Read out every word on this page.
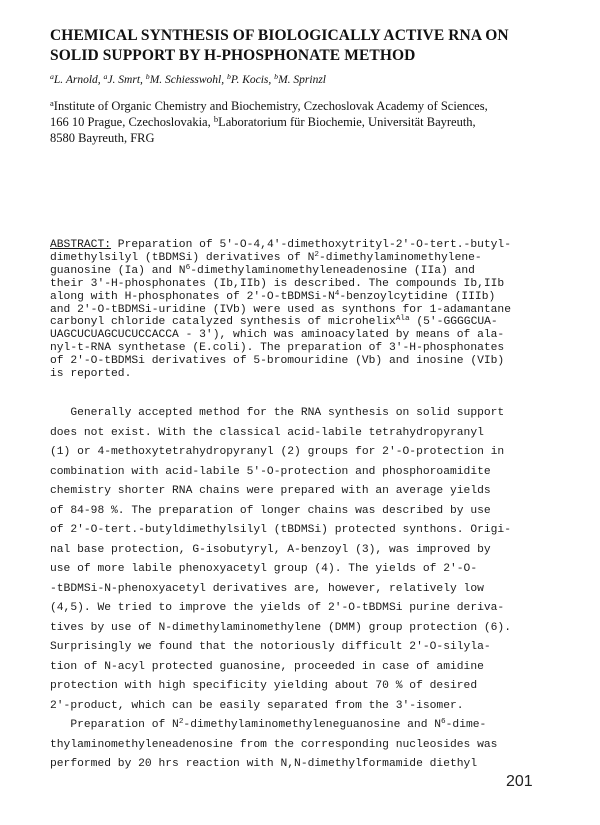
CHEMICAL SYNTHESIS OF BIOLOGICALLY ACTIVE RNA ON
SOLID SUPPORT BY H-PHOSPHONATE METHOD
$^a$L. Arnold, $^a$J. Smrt, $^b$M. Schiesswohl, $^b$P. Kocis, $^b$M. Sprinzl
$^a$Institute of Organic Chemistry and Biochemistry, Czechoslovak Academy of Sciences,
166 10 Prague, Czechoslovakia, $^b$Laboratorium für Biochemie, Universität Bayreuth,
8580 Bayreuth, FRG
ABSTRACT: Preparation of 5'-O-4,4'-dimethoxytrityl-2'-O-tert.-butyl-
dimethylsilyl (tBDMSi) derivatives of $N^2-dimethylaminomethylene-$
guanosine (Ia) and $N^6$-dimethylaminomethyleneadenosine (IIa) and
their 3'-H-phosphonates (Ib,IIb) is described. The compounds Ib,IIb
along with H-phosphonates of $2'-O-tBDMSi-N^4$-benzoylcytidine (IIIb)
and 2'-O-tBDMSi-uridine (IVb) were used as synthons for 1-adamantane
carbonyl chloride catalyzed synthesis of microhelix$^{Ala}$ (5'-GGGGCUA-
UAGCUCUAGCUCUCCACCA - 3'), which was aminoacylated by means of ala-
nyl-t-RNA synthetase (E.coli). The preparation of 3'-H-phosphonates
of 2'-O-tBDMSi derivatives of 5-bromouridine (Vb) and inosine (VIb)
is reported.
Generally accepted method for the RNA synthesis on solid support
does not exist. With the classical acid-labile tetrahydropyranyl
(1) or 4-methoxytetrahydropyranyl (2) groups for 2'-O-protection in
combination with acid-labile 5'-O-protection and phosphoroamidite
chemistry shorter RNA chains were prepared with an average yields
of 84-98 %. The preparation of longer chains was described by use
of 2'-O-tert.-butyldimethylsilyl (tBDMSi) protected synthons. Origi-
nal base protection, G-isobutyryl, A-benzoyl (3), was improved by
use of more labile phenoxyacetyl group (4). The yields of 2'-O-
-tBDMSi-N-phenoxyacetyl derivatives are, however, relatively low
(4,5). We tried to improve the yields of 2'-O-tBDMSi purine deriva-
tives by use of N-dimethylaminomethylene (DMM) group protection (6).
Surprisingly we found that the notoriously difficult 2'-O-silyla-
tion of N-acyl protected guanosine, proceeded in case of amidine
protection with high specificity yielding about 70 % of desired
2'-product, which can be easily separated from the 3'-isomer.
Preparation of $N^2$-dimethylaminomethyleneguanosine and $N^6-dime-$
thylaminomethyleneadenosine from the corresponding nucleosides was
performed by 20 hrs reaction with N,N-dimethylformamide diethyl
201
